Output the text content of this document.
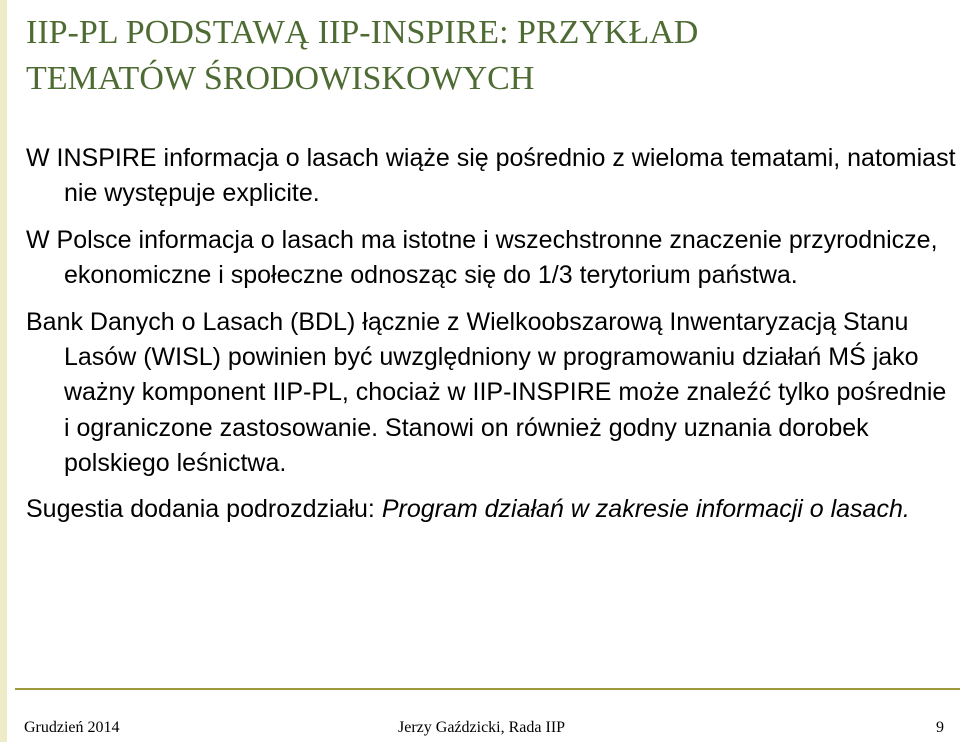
IIP-PL PODSTAWĄ IIP-INSPIRE: PRZYKŁAD
TEMATÓW ŚRODOWISKOWYCH

W INSPIRE informacja o lasach wiąże się pośrednio z wieloma tematami, natomiast nie występuje explicite.

W Polsce informacja o lasach ma istotne i wszechstronne znaczenie przyrodnicze, ekonomiczne i społeczne odnosząc się do 1/3 terytorium państwa.

Bank Danych o Lasach (BDL) łącznie z Wielkoobszarową Inwentaryzacją Stanu Lasów (WISL) powinien być uwzględniony w programowaniu działań MŚ jako ważny komponent IIP-PL, chociaż w IIP-INSPIRE może znaleźć tylko pośrednie i ograniczone zastosowanie. Stanowi on również godny uznania dorobek polskiego leśnictwa.

Sugestia dodania podrozdziału: Program działań w zakresie informacji o lasach.

Grudzień 2014	Jerzy Gaździcki, Rada IIP	9
